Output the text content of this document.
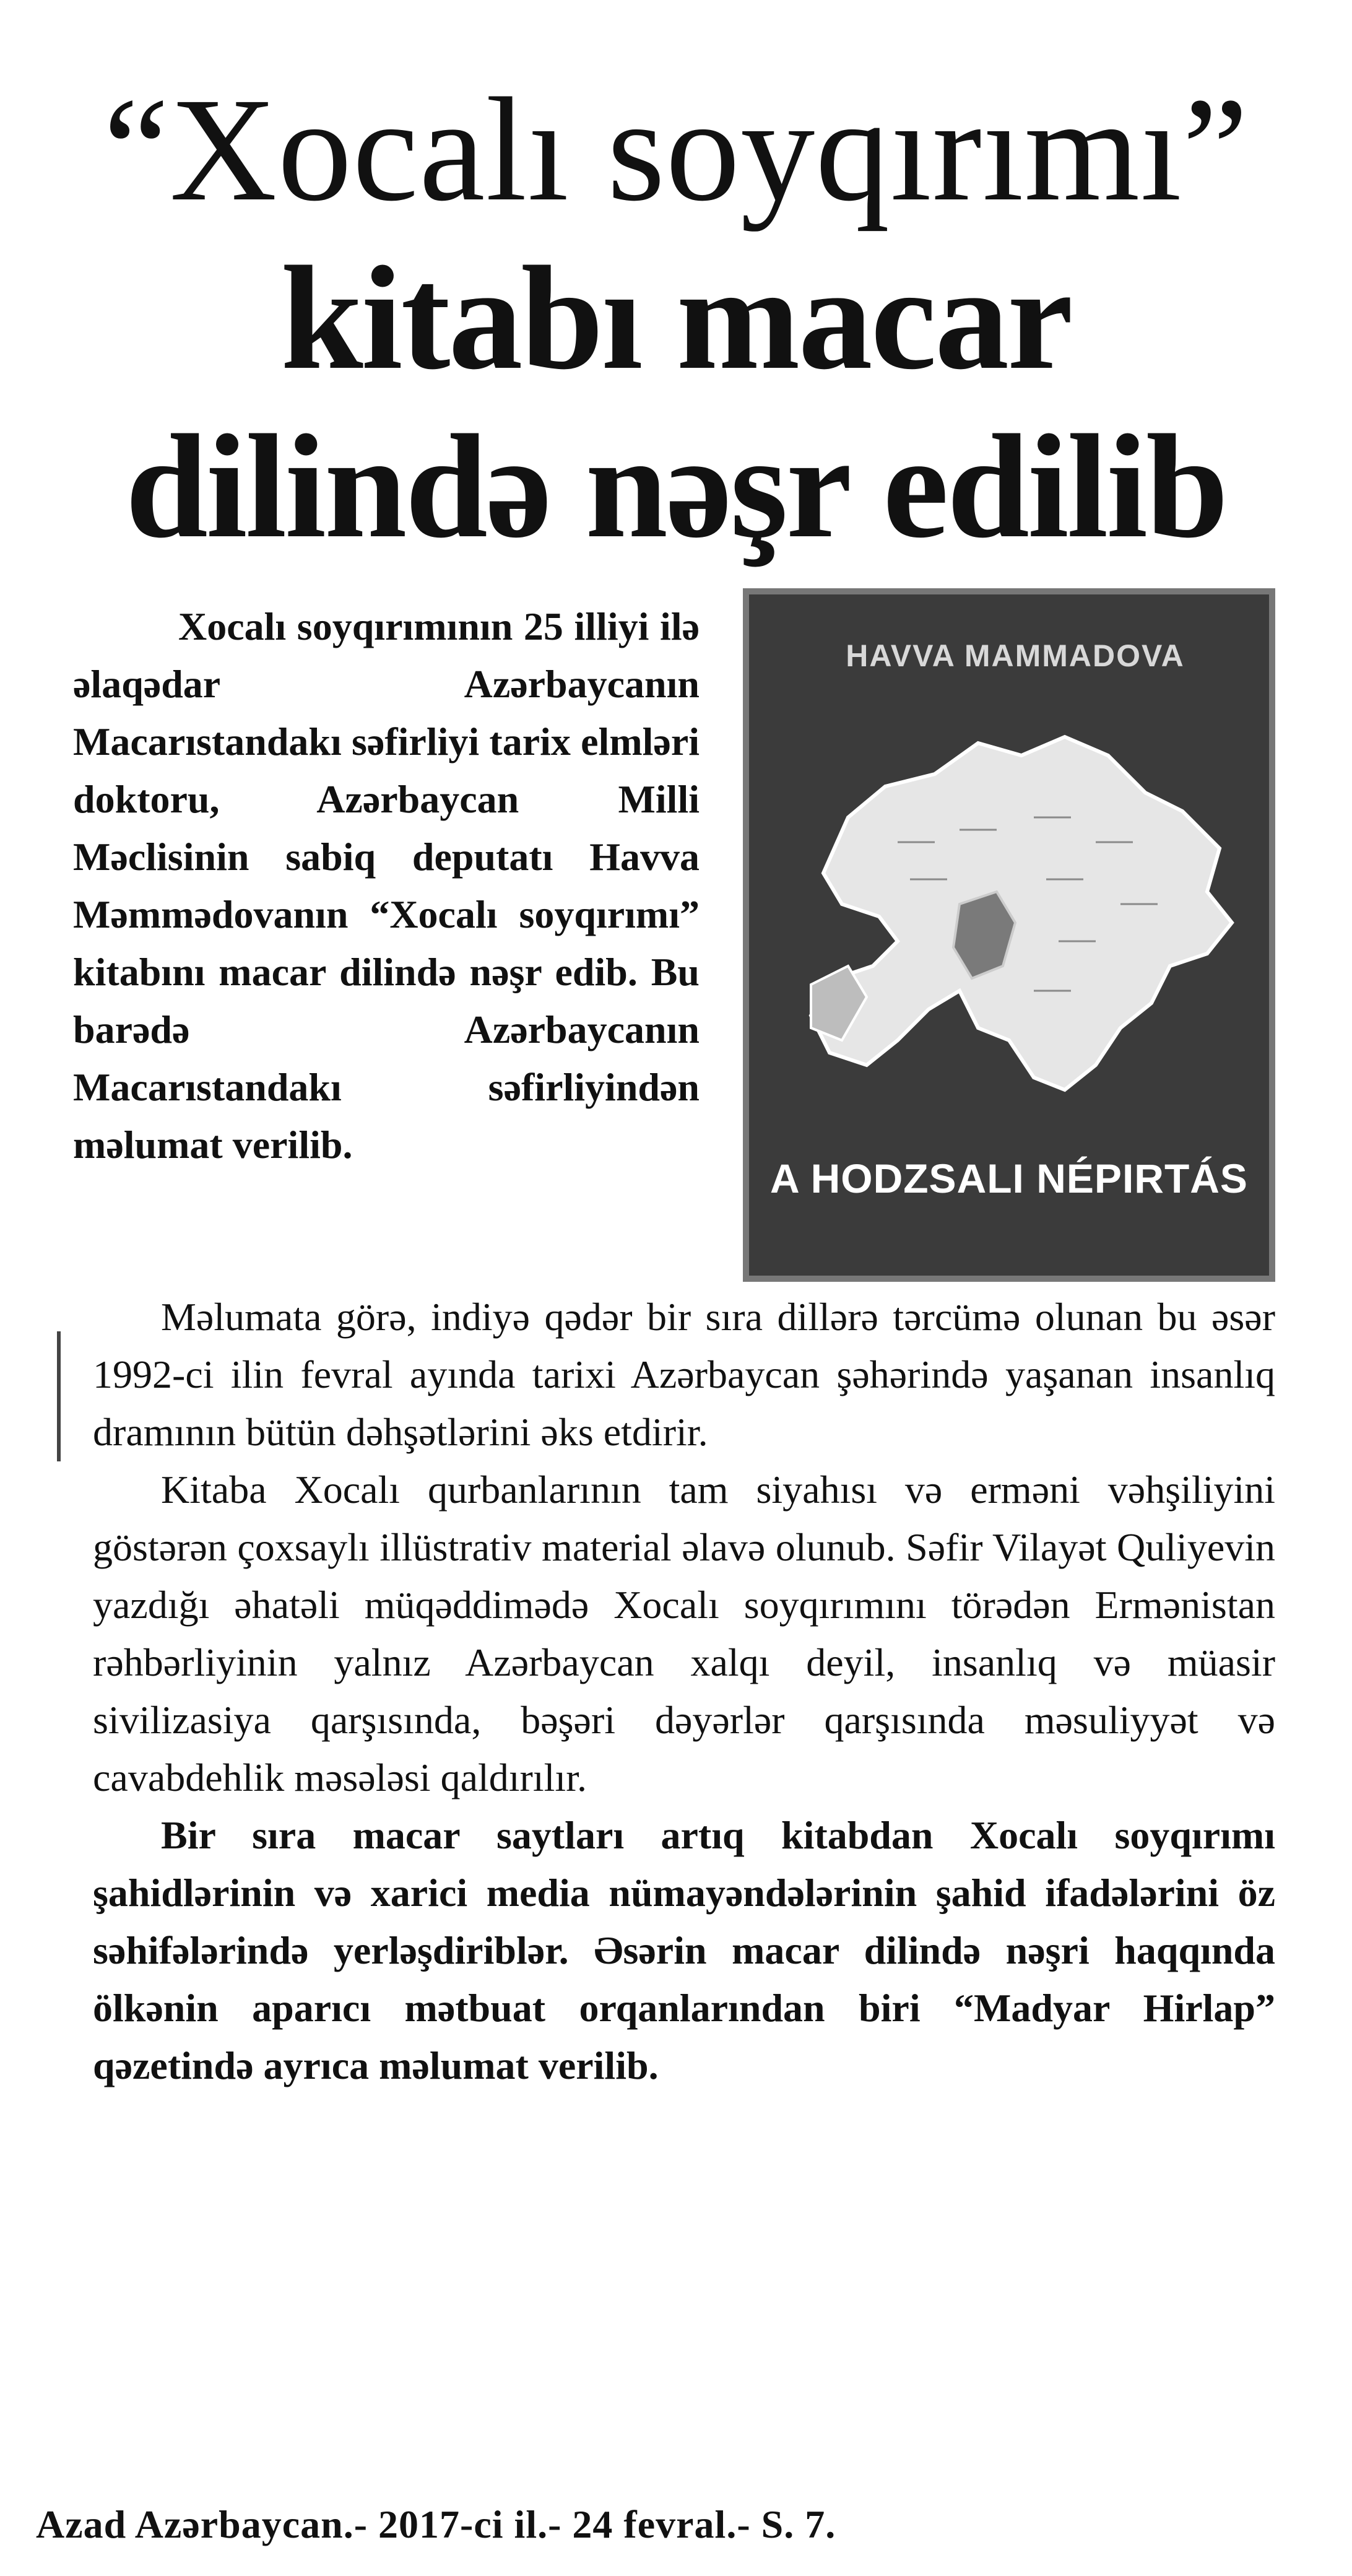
“Xocalı soyqırımı”
kitabı macar
dilində nəşr edilib

Xocalı soyqırımının 25 illiyi ilə əlaqədar Azərbaycanın Macarıstandakı səfirliyi tarix elmləri doktoru, Azərbaycan Milli Məclisinin sabiq deputatı Havva Məmmədovanın “Xocalı soyqırımı” kitabını macar dilində nəşr edib. Bu barədə Azərbaycanın Macarıstandakı səfirliyindən məlumat verilib.

HAVVA MAMMADOVA
A HODZSALI NÉPIRTÁS

Məlumata görə, indiyə qədər bir sıra dillərə tərcümə olunan bu əsər 1992-ci ilin fevral ayında tarixi Azərbaycan şəhərində yaşanan insanlıq dramının bütün dəhşətlərini əks etdirir.

Kitaba Xocalı qurbanlarının tam siyahısı və erməni vəhşiliyini göstərən çoxsaylı illüstrativ material əlavə olunub. Səfir Vilayət Quliyevin yazdığı əhatəli müqəddimədə Xocalı soyqırımını törədən Ermənistan rəhbərliyinin yalnız Azərbaycan xalqı deyil, insanlıq və müasir sivilizasiya qarşısında, bəşəri dəyərlər qarşısında məsuliyyət və cavabdehlik məsələsi qaldırılır.

Bir sıra macar saytları artıq kitabdan Xocalı soyqırımı şahidlərinin və xarici media nümayəndələrinin şahid ifadələrini öz səhifələrində yerləşdiriblər. Əsərin macar dilində nəşri haqqında ölkənin aparıcı mətbuat orqanlarından biri “Madyar Hirlap” qəzetində ayrıca məlumat verilib.

Azad Azərbaycan.- 2017-ci il.- 24 fevral.- S. 7.
